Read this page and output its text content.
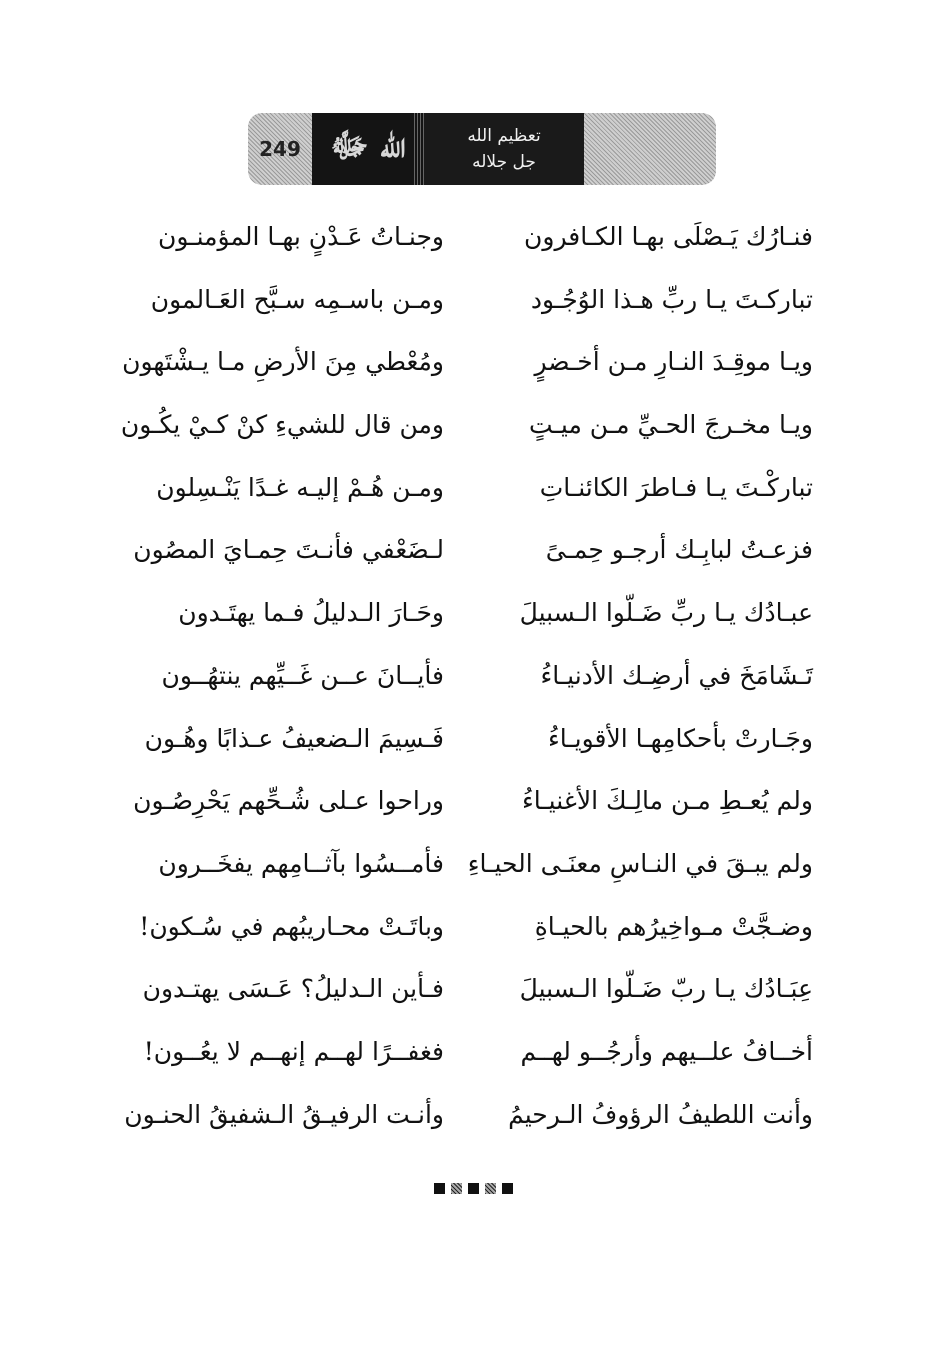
249 الله ﷻ	تعظيم الله
جل جلاله
فنـارُك يَـصْلَى بهـا الكـافرون
وجنـاتُ عَـدْنٍ بهـا المؤمنـون
تباركـتَ يـا ربِّ هـذا الوُجُـود
ومـن باسـمِه سـبَّح العَـالمون
ويـا موقِـدَ النـارِ مـن أخـضرٍ
ومُعْطي مِنَ الأرضِ مـا يـشْتَهون
ويـا مخـرجَ الحـيِّ مـن ميـتٍ
ومن قال للشيءِ كنْ كـيْ يكُـون
تباركْـتَ يـا فـاطرَ الكائنـاتِ
ومـن هُـمْ إليـه غـدًا يَنْـسِلون
فزعـتُ لبابِـك أرجـو حِمـىً
لـضَعْفي فأنـتَ حِمـايَ المصُون
عبـادُك يـا ربِّ ضَـلّوا الـسبيلَ
وحَـارَ الـدليلُ فـما يهتَـدون
تَـشَامَخَ في أرضِـك الأدنيـاءُ
فأيــانَ عــن غَــيِّهم ينتهُــون
وجَـارتْ بأحكامِهـا الأقويـاءُ
فَـسِيمَ الـضعيفُ عـذابًا وهُـون
ولم يُعـطِ مـن مالِـكَ الأغنيـاءُ
وراحوا عـلى شُـحِّهم يَحْرِصُـون
ولم يبـقَ في النـاسِ معنَـى الحيـاءِ
فأمــسُوا بآثــامِهم يفخَــرون
وضـجَّتْ مـواخِيرُهم بالحيـاةِ
وباتَـتْ محـاريبُهم في سُـكون!
عِبَـادُك يـا ربّ ضَـلّوا الـسبيلَ
فـأين الـدليلُ؟ عَـسَى يهتـدون
أخــافُ علــيهم وأرجُــو لهــم
فغفــرًا لهــم إنهــم لا يعُــون!
وأنت اللطيفُ الرؤوفُ الـرحيمُ
وأنـت الرفيـقُ الـشفيقُ الحنـون
